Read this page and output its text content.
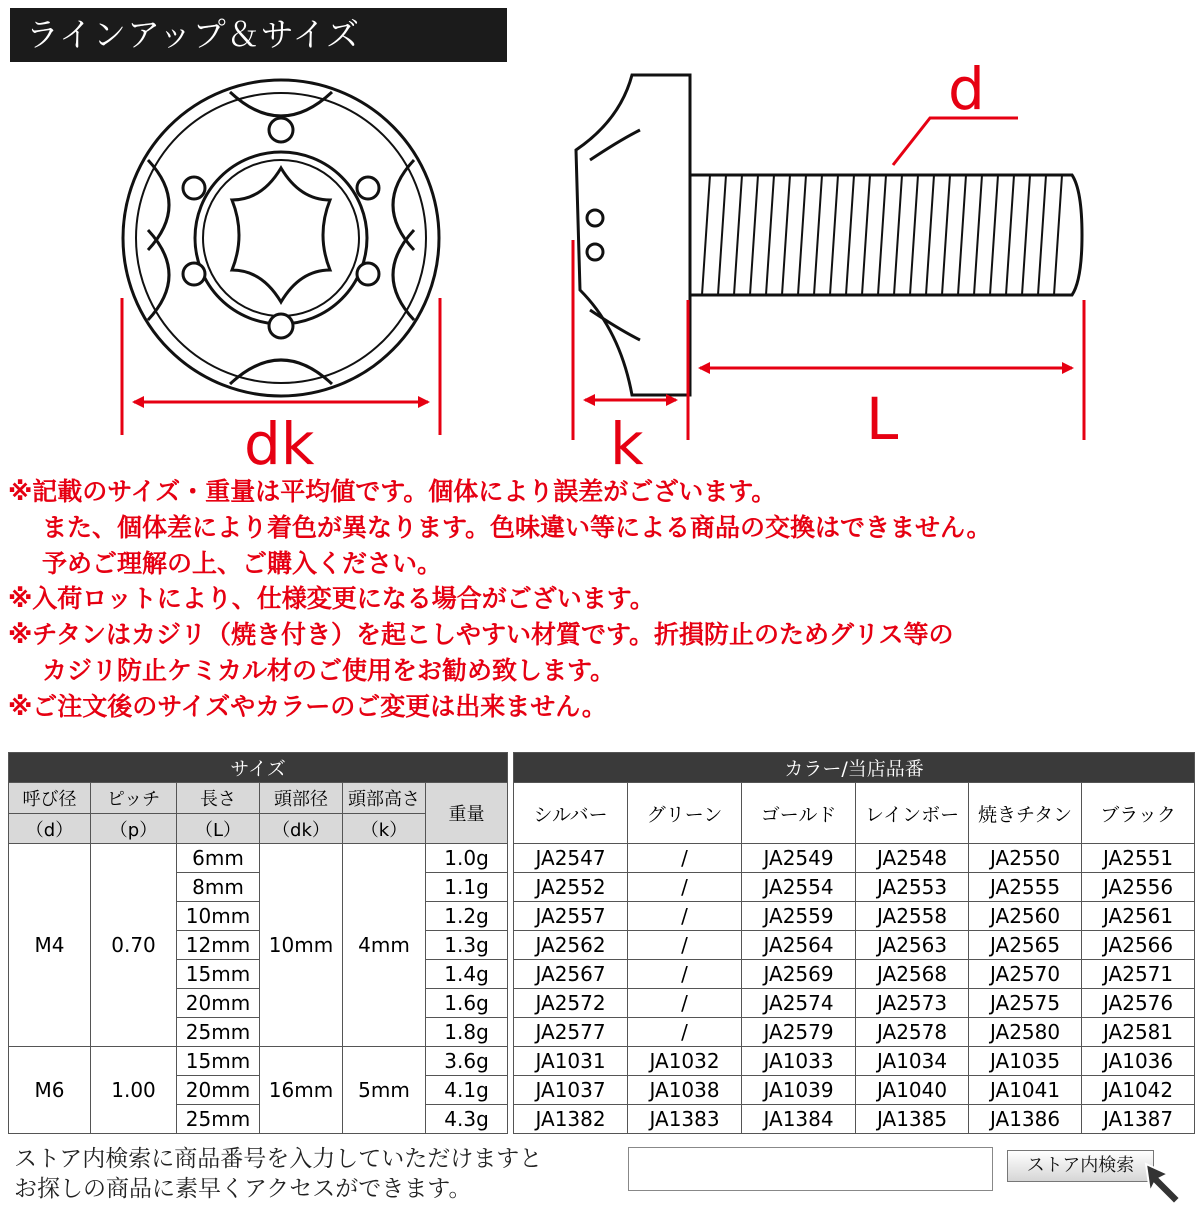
ラインアップ＆サイズ
d
dk	k	L
※記載のサイズ・重量は平均値です。個体により誤差がございます。
また、個体差により着色が異なります。色味違い等による商品の交換はできません。
予めご理解の上、ご購入ください。
※入荷ロットにより、仕様変更になる場合がございます。
※チタンはカジリ（焼き付き）を起こしやすい材質です。折損防止のためグリス等の
カジリ防止ケミカル材のご使用をお勧め致します。
※ご注文後のサイズやカラーのご変更は出来ません。
サイズ							カラー/当店品番					
呼び径	ピッチ	長さ	頭部径	頭部高さ	重量		シルバー	グリーン	ゴールド	レインボー	焼きチタン	ブラック
（d）	（p）	（L）	（dk）	（k）								
M4	0.70	6mm	10mm	4mm	1.0g		JA2547	/	JA2549	JA2548	JA2550	JA2551
		8mm			1.1g		JA2552	/	JA2554	JA2553	JA2555	JA2556
		10mm			1.2g		JA2557	/	JA2559	JA2558	JA2560	JA2561
		12mm			1.3g		JA2562	/	JA2564	JA2563	JA2565	JA2566
		15mm			1.4g		JA2567	/	JA2569	JA2568	JA2570	JA2571
		20mm			1.6g		JA2572	/	JA2574	JA2573	JA2575	JA2576
		25mm			1.8g		JA2577	/	JA2579	JA2578	JA2580	JA2581
M6	1.00	15mm	16mm	5mm	3.6g		JA1031	JA1032	JA1033	JA1034	JA1035	JA1036
		20mm			4.1g		JA1037	JA1038	JA1039	JA1040	JA1041	JA1042
		25mm			4.3g		JA1382	JA1383	JA1384	JA1385	JA1386	JA1387
ストア内検索に商品番号を入力していただけますと
お探しの商品に素早くアクセスができます。
ストア内検索
